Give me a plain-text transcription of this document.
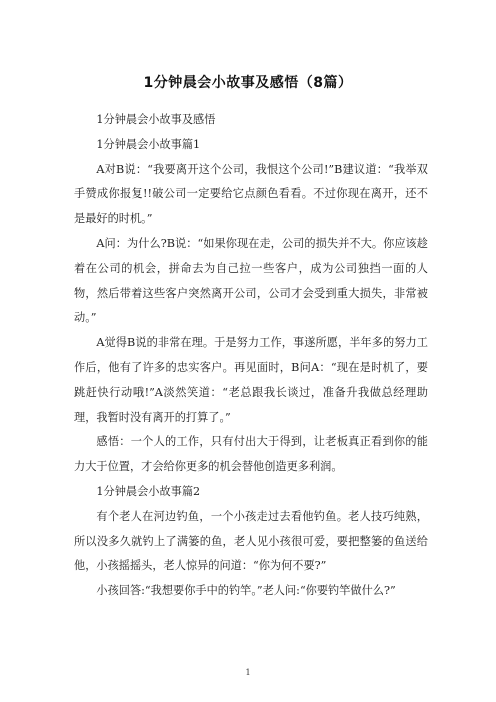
1分钟晨会小故事及感悟（8篇）

1分钟晨会小故事及感悟

1分钟晨会小故事篇1

A对B说：“我要离开这个公司，我恨这个公司!”B建议道：“我举双手赞成你报复!!破公司一定要给它点颜色看看。不过你现在离开，还不是最好的时机。”

A问：为什么?B说：“如果你现在走，公司的损失并不大。你应该趁着在公司的机会，拼命去为自己拉一些客户，成为公司独挡一面的人物，然后带着这些客户突然离开公司，公司才会受到重大损失，非常被动。”

A觉得B说的非常在理。于是努力工作，事遂所愿，半年多的努力工作后，他有了许多的忠实客户。再见面时，B问A：“现在是时机了，要跳赶快行动哦!”A淡然笑道：“老总跟我长谈过，准备升我做总经理助理，我暂时没有离开的打算了。”

感悟：一个人的工作，只有付出大于得到，让老板真正看到你的能力大于位置，才会给你更多的机会替他创造更多利润。

1分钟晨会小故事篇2

有个老人在河边钓鱼，一个小孩走过去看他钓鱼。老人技巧纯熟，所以没多久就钓上了满篓的鱼，老人见小孩很可爱，要把整篓的鱼送给他，小孩摇摇头，老人惊异的问道：“你为何不要?”

小孩回答:“我想要你手中的钓竿。”老人问:“你要钓竿做什么?”

1
